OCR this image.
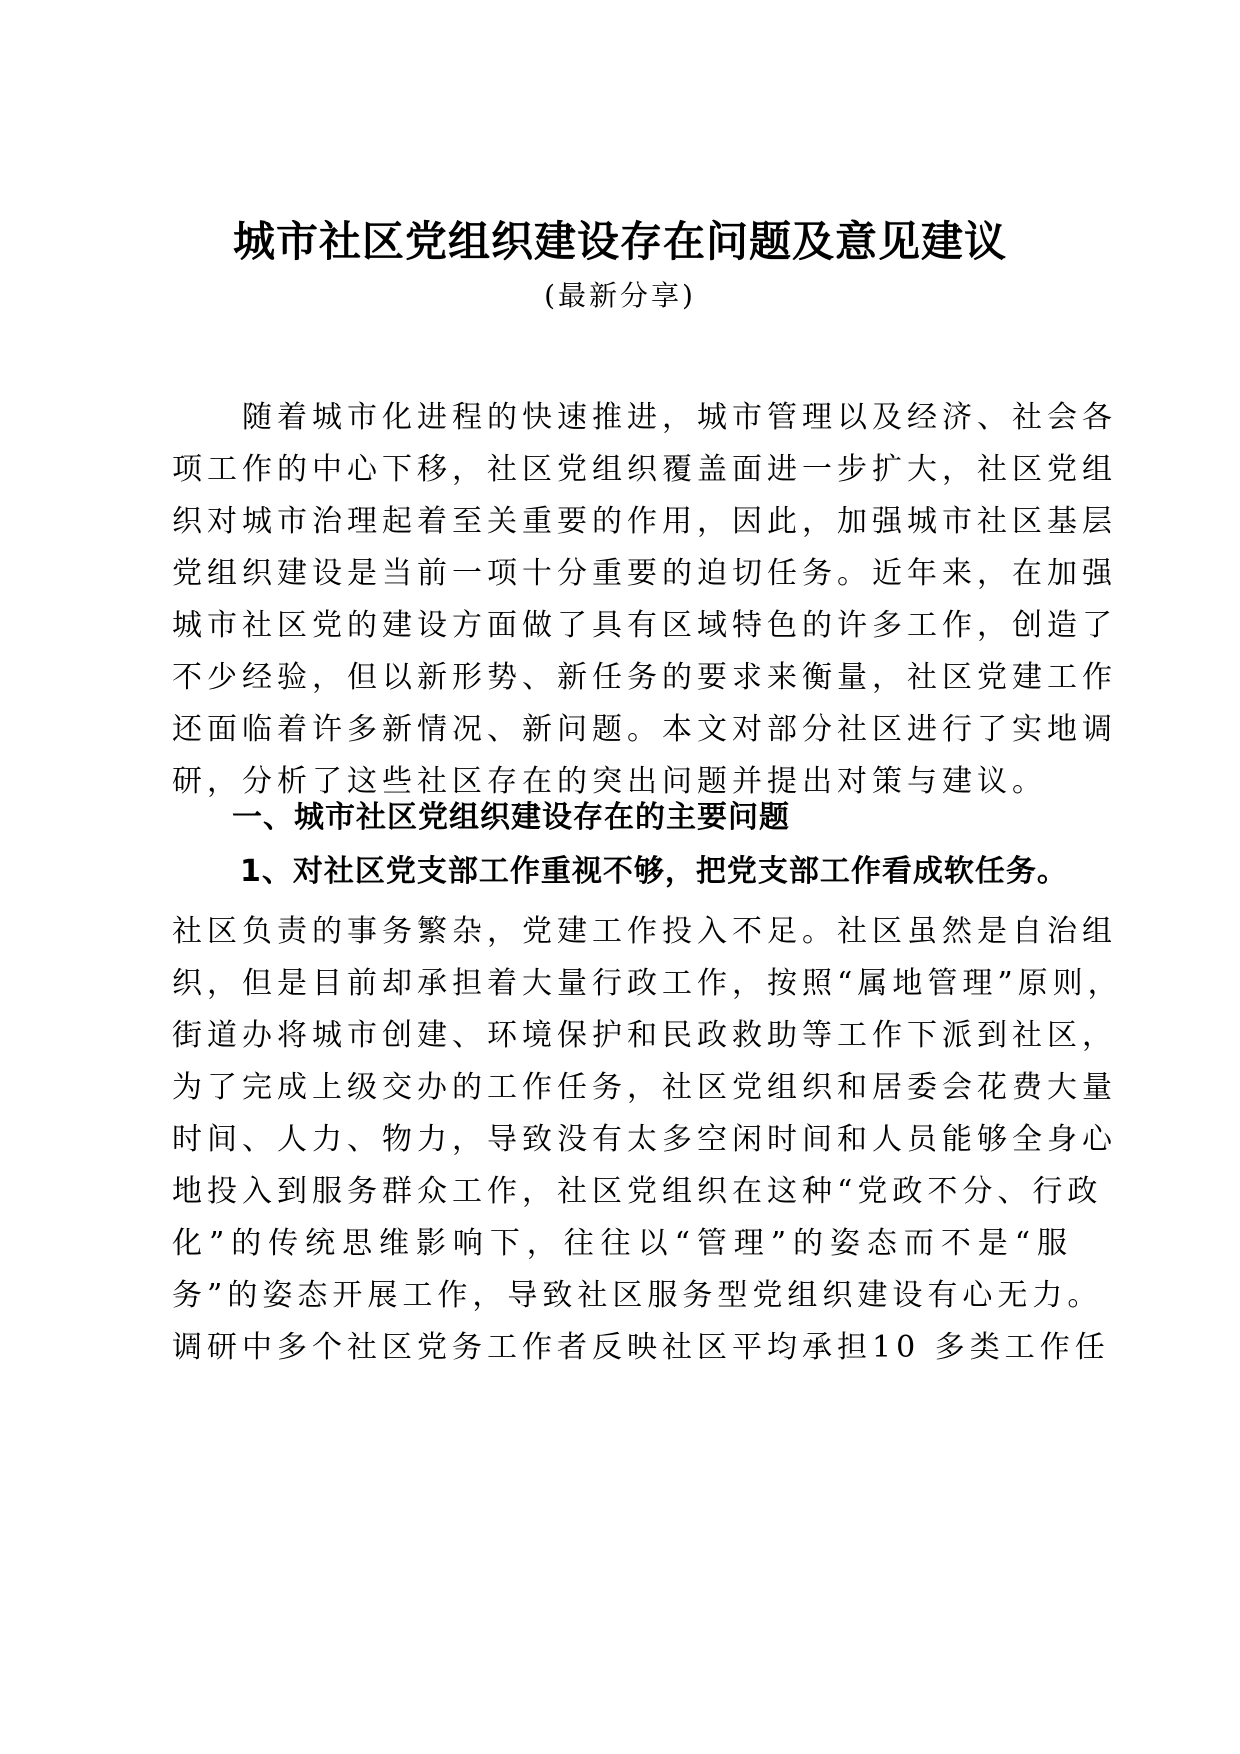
城市社区党组织建设存在问题及意见建议
(最新分享)
　　随着城市化进程的快速推进，城市管理以及经济、社会各
项工作的中心下移，社区党组织覆盖面进一步扩大，社区党组
织对城市治理起着至关重要的作用，因此，加强城市社区基层
党组织建设是当前一项十分重要的迫切任务。近年来，在加强
城市社区党的建设方面做了具有区域特色的许多工作，创造了
不少经验，但以新形势、新任务的要求来衡量，社区党建工作
还面临着许多新情况、新问题。本文对部分社区进行了实地调
研，分析了这些社区存在的突出问题并提出对策与建议。
一、城市社区党组织建设存在的主要问题
1、对社区党支部工作重视不够，把党支部工作看成软任务。
社区负责的事务繁杂，党建工作投入不足。社区虽然是自治组
织，但是目前却承担着大量行政工作，按照“属地管理”原则，
街道办将城市创建、环境保护和民政救助等工作下派到社区，
为了完成上级交办的工作任务，社区党组织和居委会花费大量
时间、人力、物力，导致没有太多空闲时间和人员能够全身心
地投入到服务群众工作，社区党组织在这种“党政不分、行政
化”的传统思维影响下，往往以“管理”的姿态而不是“服
务”的姿态开展工作，导致社区服务型党组织建设有心无力。
调研中多个社区党务工作者反映社区平均承担10 多类工作任
